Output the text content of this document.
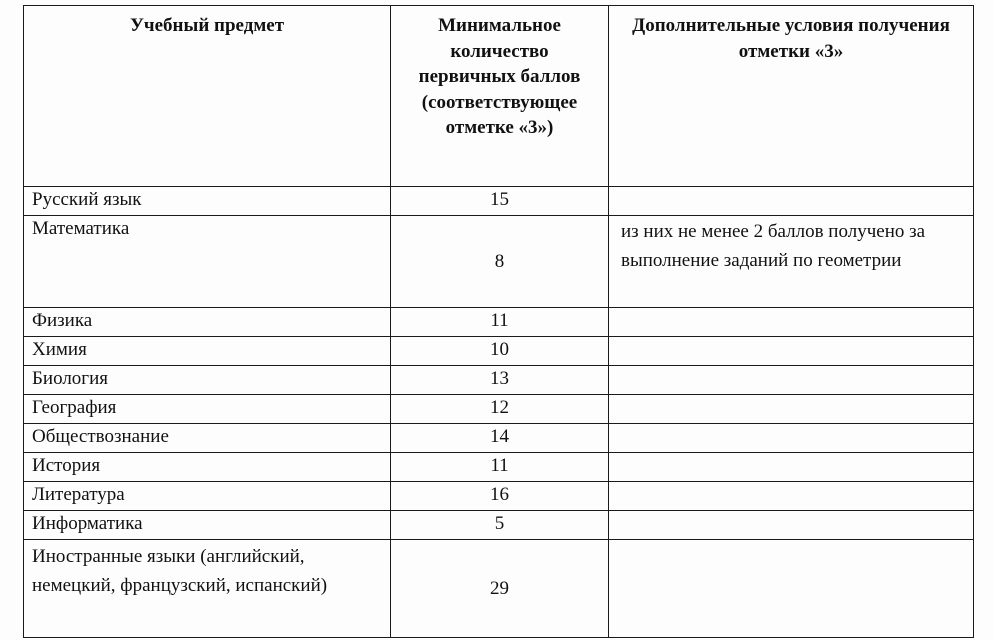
Учебный предмет	Минимальное количество первичных баллов (соответствующее отметке «3»)	Дополнительные условия получения отметки «3»
Русский язык	15	
Математика	8	из них не менее 2 баллов получено за выполнение заданий по геометрии
Физика	11	
Химия	10	
Биология	13	
География	12	
Обществознание	14	
История	11	
Литература	16	
Информатика	5	
Иностранные языки (английский, немецкий, французский, испанский)	29	
